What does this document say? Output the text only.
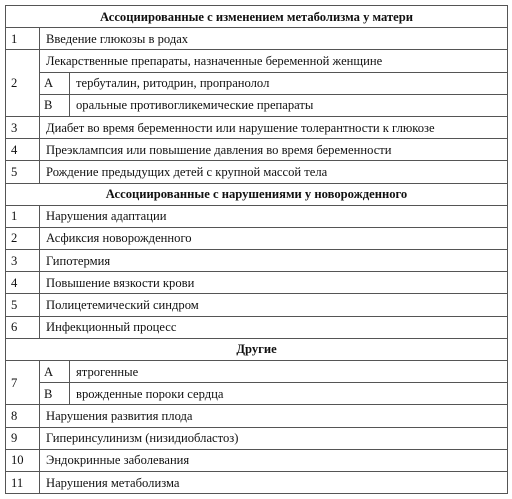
Ассоциированные с изменением метаболизма у матери		
1	Введение глюкозы в родах	
2	Лекарственные препараты, назначенные беременной женщине	
	А	тербуталин, ритодрин, пропранолол
	В	оральные противогликемические препараты
3	Диабет во время беременности или нарушение толерантности к глюкозе	
4	Преэклампсия или повышение давления во время беременности	
5	Рождение предыдущих детей с крупной массой тела	
Ассоциированные с нарушениями у новорожденного		
1	Нарушения адаптации	
2	Асфиксия новорожденного	
3	Гипотермия	
4	Повышение вязкости крови	
5	Полицетемический синдром	
6	Инфекционный процесс	
Другие		
7	А	ятрогенные
	В	врожденные пороки сердца
8	Нарушения развития плода	
9	Гиперинсулинизм (низидиобластоз)	
10	Эндокринные заболевания	
11	Нарушения метаболизма	
